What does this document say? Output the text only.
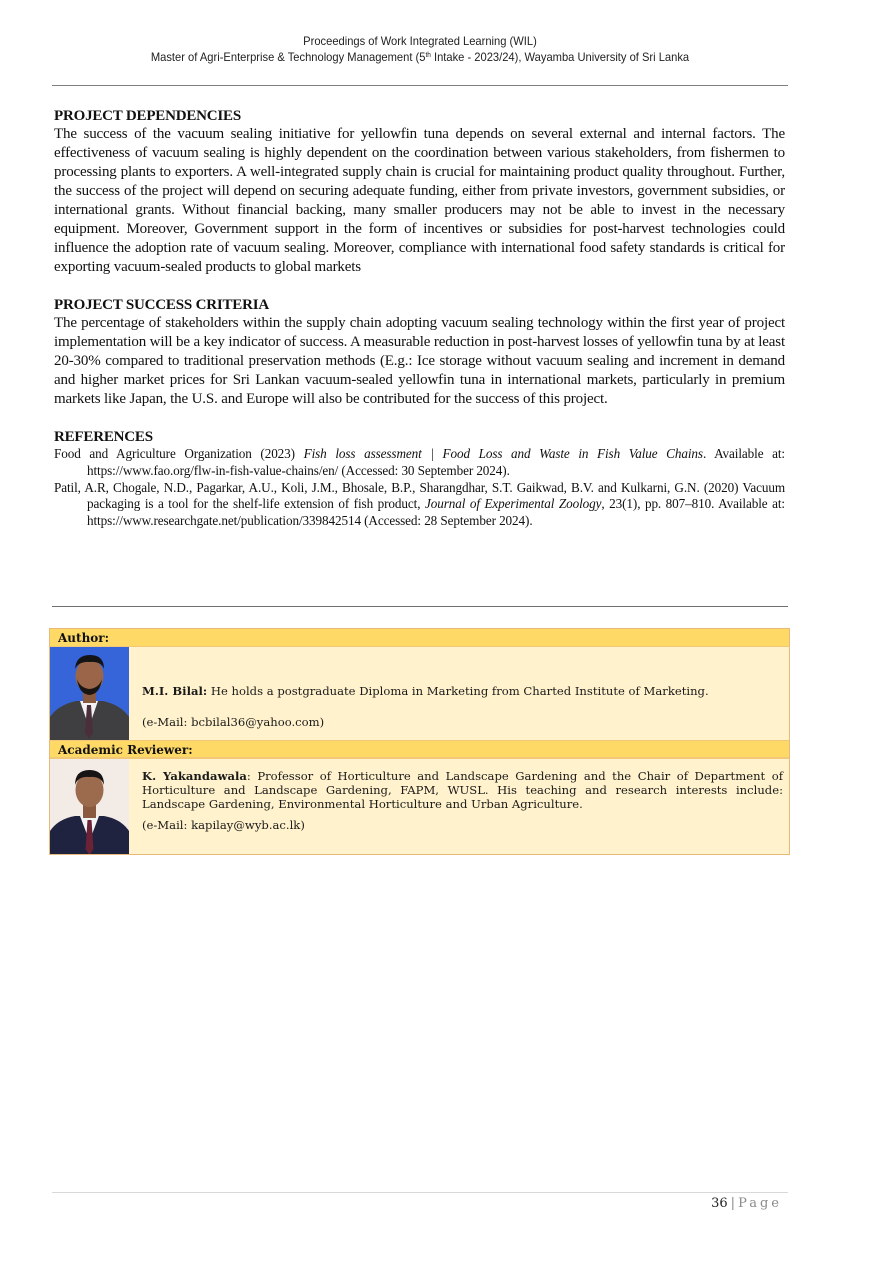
Proceedings of Work Integrated Learning (WIL)
Master of Agri-Enterprise & Technology Management (5th Intake - 2023/24), Wayamba University of Sri Lanka
PROJECT DEPENDENCIES

The success of the vacuum sealing initiative for yellowfin tuna depends on several external and internal factors. The effectiveness of vacuum sealing is highly dependent on the coordination between various stakeholders, from fishermen to processing plants to exporters. A well-integrated supply chain is crucial for maintaining product quality throughout. Further, the success of the project will depend on securing adequate funding, either from private investors, government subsidies, or international grants. Without financial backing, many smaller producers may not be able to invest in the necessary equipment. Moreover, Government support in the form of incentives or subsidies for post-harvest technologies could influence the adoption rate of vacuum sealing. Moreover, compliance with international food safety standards is critical for exporting vacuum-sealed products to global markets

PROJECT SUCCESS CRITERIA

The percentage of stakeholders within the supply chain adopting vacuum sealing technology within the first year of project implementation will be a key indicator of success. A measurable reduction in post-harvest losses of yellowfin tuna by at least 20-30% compared to traditional preservation methods (E.g.: Ice storage without vacuum sealing and increment in demand and higher market prices for Sri Lankan vacuum-sealed yellowfin tuna in international markets, particularly in premium markets like Japan, the U.S. and Europe will also be contributed for the success of this project.

REFERENCES

Food and Agriculture Organization (2023) Fish loss assessment | Food Loss and Waste in Fish Value Chains. Available at: https://www.fao.org/flw-in-fish-value-chains/en/ (Accessed: 30 September 2024).

Patil, A.R, Chogale, N.D., Pagarkar, A.U., Koli, J.M., Bhosale, B.P., Sharangdhar, S.T. Gaikwad, B.V. and Kulkarni, G.N. (2020) Vacuum packaging is a tool for the shelf-life extension of fish product, Journal of Experimental Zoology, 23(1), pp. 807–810. Available at: https://www.researchgate.net/publication/339842514 (Accessed: 28 September 2024).

Author:

M.I. Bilal: He holds a postgraduate Diploma in Marketing from Charted Institute of Marketing.

(e-Mail: bcbilal36@yahoo.com)

Academic Reviewer:

K. Yakandawala: Professor of Horticulture and Landscape Gardening and the Chair of Department of Horticulture and Landscape Gardening, FAPM, WUSL. His teaching and research interests include: Landscape Gardening, Environmental Horticulture and Urban Agriculture.

(e-Mail: kapilay@wyb.ac.lk)

36 | Page
